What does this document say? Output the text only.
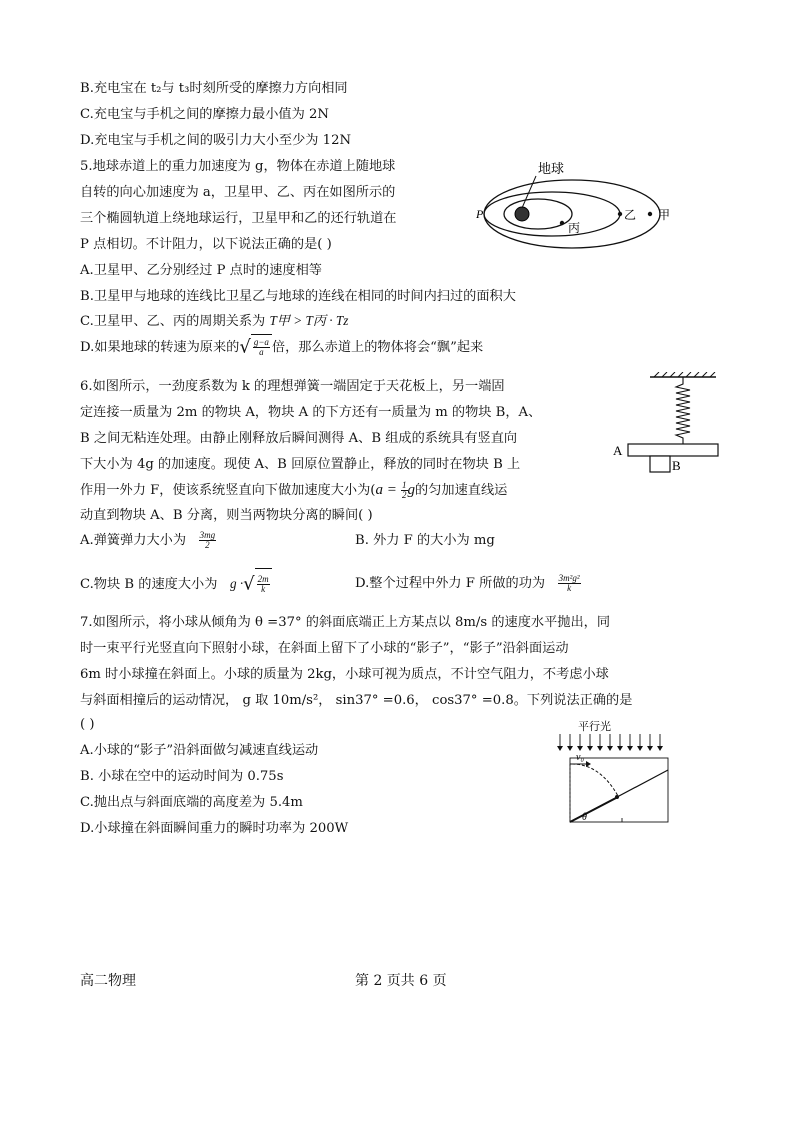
B.充电宝在 t₂与 t₃时刻所受的摩擦力方向相同
C.充电宝与手机之间的摩擦力最小值为 2N
D.充电宝与手机之间的吸引力大小至少为 12N
5.地球赤道上的重力加速度为 g，物体在赤道上随地球
自转的向心加速度为 a，卫星甲、乙、丙在如图所示的
三个椭圆轨道上绕地球运行，卫星甲和乙的还行轨道在
P 点相切。不计阻力，以下说法正确的是( )
A.卫星甲、乙分别经过 P 点时的速度相等
B.卫星甲与地球的连线比卫星乙与地球的连线在相同的时间内扫过的面积大
C.卫星甲、乙、丙的周期关系为 T甲 > T丙 · Tz
D.如果地球的转速为原来的√ $\frac{g-a}{a}$ 倍，那么赤道上的物体将会“飘”起来
地球
P	乙 甲
丙
6.如图所示，一劲度系数为 k 的理想弹簧一端固定于天花板上，另一端固
定连接一质量为 2m 的物块 A，物块 A 的下方还有一质量为 m 的物块 B，A、
B 之间无粘连处理。由静止刚释放后瞬间测得 A、B 组成的系统具有竖直向
下大小为 4g 的加速度。现使 A、B 回原位置静止，释放的同时在物块 B 上
作用一外力 F，使该系统竖直向下做加速度大小为($a = \frac{1}{2}$ g的匀加速直线运
动直到物块 A、B 分离，则当两物块分离的瞬间( )
A.弹簧弹力大小为 $\frac{3mg}{2}$	B. 外力 F 的大小为 mg
C.物块 B 的速度大小为 g ·√ $\frac{2m}{k}$	D.整个过程中外力 F 所做的功为 $\frac{\text{3m²g²}}{k}$
A
B
7.如图所示，将小球从倾角为 θ =37° 的斜面底端正上方某点以 8m/s 的速度水平抛出，同
时一束平行光竖直向下照射小球，在斜面上留下了小球的“影子”，“影子”沿斜面运动
6m 时小球撞在斜面上。小球的质量为 2kg，小球可视为质点，不计空气阻力，不考虑小球
与斜面相撞后的运动情况， g 取 10m/s²， sin37° =0.6， cos37° =0.8。下列说法正确的是
( )
A.小球的“影子”沿斜面做匀减速直线运动
B. 小球在空中的运动时间为 0.75s
C.抛出点与斜面底端的高度差为 5.4m
D.小球撞在斜面瞬间重力的瞬时功率为 200W
平行光
v₀
θ
高二物理	第 2 页共 6 页
